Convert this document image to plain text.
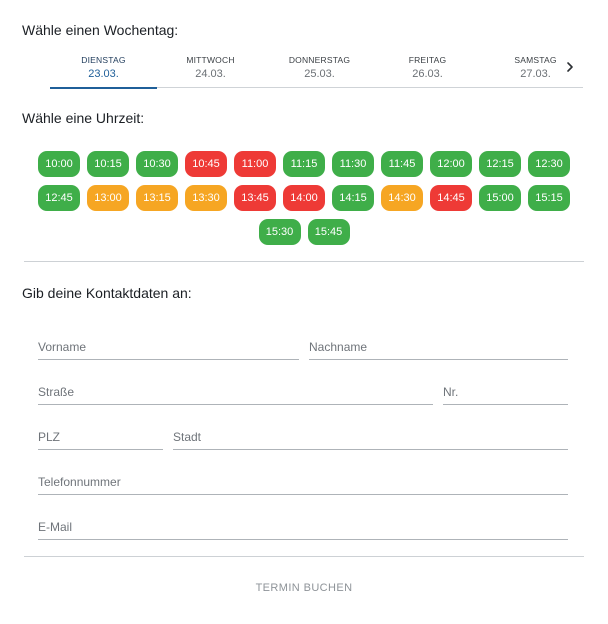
Wähle einen Wochentag:
DIENSTAG
23.03.
MITTWOCH
24.03.
DONNERSTAG
25.03.
FREITAG
26.03.
SAMSTAG
27.03.
Wähle eine Uhrzeit:
10:00	10:15	10:30	10:45	11:00	11:15	11:30	11:45	12:00	12:15	12:30
12:45	13:00	13:15	13:30	13:45	14:00	14:15	14:30	14:45	15:00	15:15
15:30	15:45
Gib deine Kontaktdaten an:
Vorname
Nachname
Straße
Nr.
PLZ
Stadt
Telefonnummer
E-Mail
TERMIN BUCHEN
